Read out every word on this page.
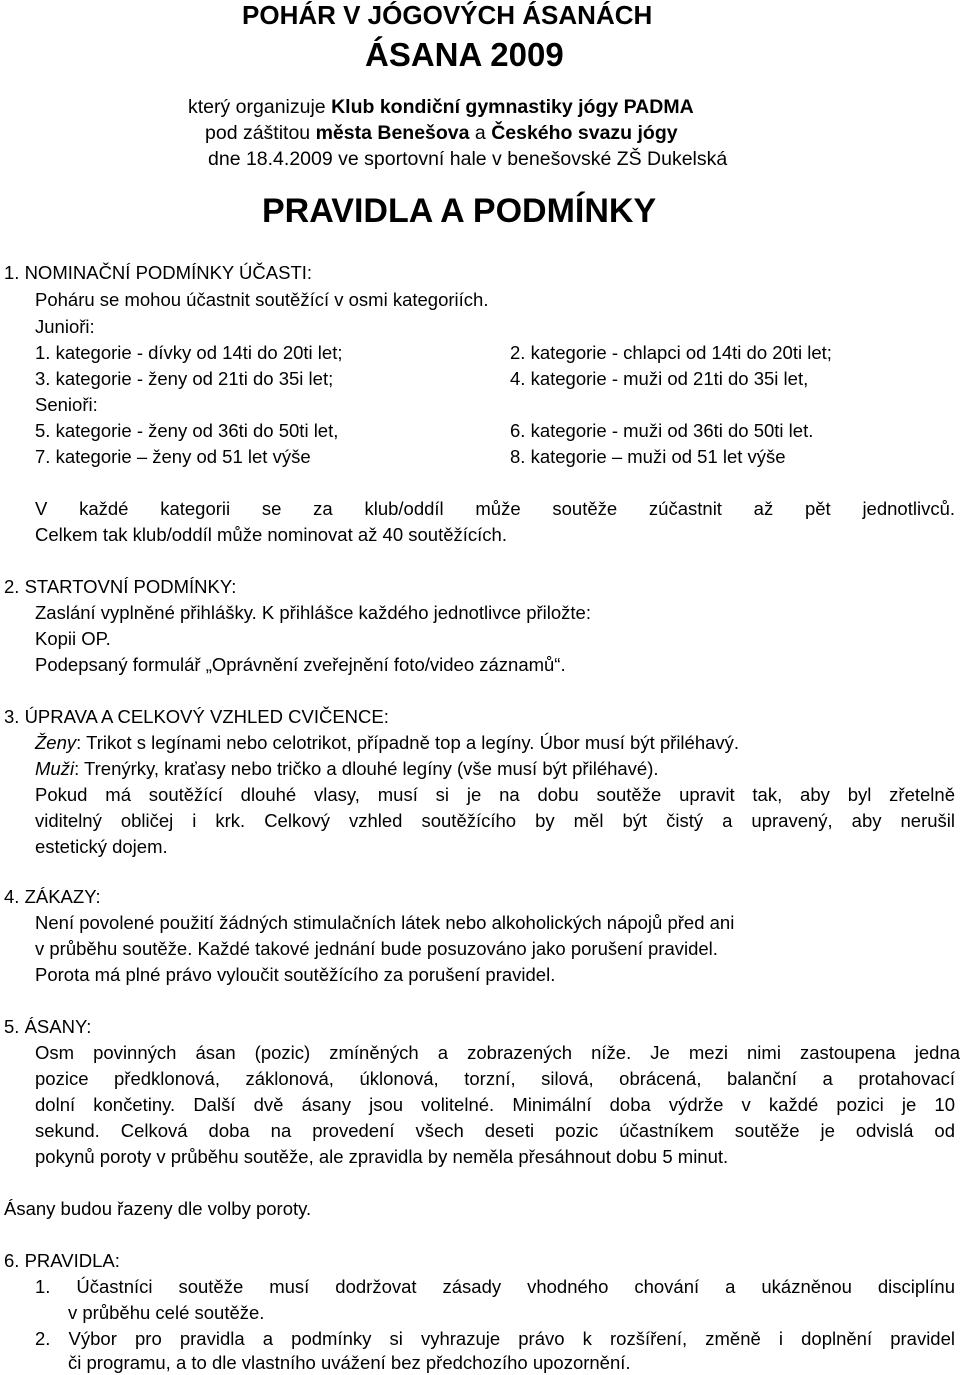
POHÁR V JÓGOVÝCH ÁSANÁCH
ÁSANA 2009
který organizuje Klub kondiční gymnastiky jógy PADMA
pod záštitou města Benešova a Českého svazu jógy
dne 18.4.2009 ve sportovní hale v benešovské ZŠ Dukelská
PRAVIDLA A PODMÍNKY
1. NOMINAČNÍ PODMÍNKY ÚČASTI:
Poháru se mohou účastnit soutěžící v osmi kategoriích.
Junioři:
1. kategorie - dívky od 14ti do 20ti let;	2. kategorie - chlapci od 14ti do 20ti let;
3. kategorie - ženy od 21ti do 35i let;	4. kategorie - muži od 21ti do 35i let,
Senioři:
5. kategorie - ženy od 36ti do 50ti let,	6. kategorie - muži od 36ti do 50ti let.
7. kategorie – ženy od 51 let výše	8. kategorie – muži od 51 let výše
V každé kategorii se za klub/oddíl může soutěže zúčastnit až pět jednotlivců.
Celkem tak klub/oddíl může nominovat až 40 soutěžících.
2. STARTOVNÍ PODMÍNKY:
Zaslání vyplněné přihlášky. K přihlášce každého jednotlivce přiložte:
Kopii OP.
Podepsaný formulář „Oprávnění zveřejnění foto/video záznamů“.
3. ÚPRAVA A CELKOVÝ VZHLED CVIČENCE:
Ženy: Trikot s legínami nebo celotrikot, případně top a legíny. Úbor musí být přiléhavý.
Muži: Trenýrky, kraťasy nebo tričko a dlouhé legíny (vše musí být přiléhavé).
Pokud má soutěžící dlouhé vlasy, musí si je na dobu soutěže upravit tak, aby byl zřetelně
viditelný obličej i krk. Celkový vzhled soutěžícího by měl být čistý a upravený, aby nerušil
estetický dojem.
4. ZÁKAZY:
Není povolené použití žádných stimulačních látek nebo alkoholických nápojů před ani
v průběhu soutěže. Každé takové jednání bude posuzováno jako porušení pravidel.
Porota má plné právo vyloučit soutěžícího za porušení pravidel.
5. ÁSANY:
Osm povinných ásan (pozic) zmíněných a zobrazených níže. Je mezi nimi zastoupena jedna
pozice předklonová, záklonová, úklonová, torzní, silová, obrácená, balanční a protahovací
dolní končetiny. Další dvě ásany jsou volitelné. Minimální doba výdrže v každé pozici je 10
sekund. Celková doba na provedení všech deseti pozic účastníkem soutěže je odvislá od
pokynů poroty v průběhu soutěže, ale zpravidla by neměla přesáhnout dobu 5 minut.
Ásany budou řazeny dle volby poroty.
6. PRAVIDLA:
1. Účastníci soutěže musí dodržovat zásady vhodného chování a ukázněnou disciplínu
v průběhu celé soutěže.
2. Výbor pro pravidla a podmínky si vyhrazuje právo k rozšíření, změně i doplnění pravidel
či programu, a to dle vlastního uvážení bez předchozího upozornění.
